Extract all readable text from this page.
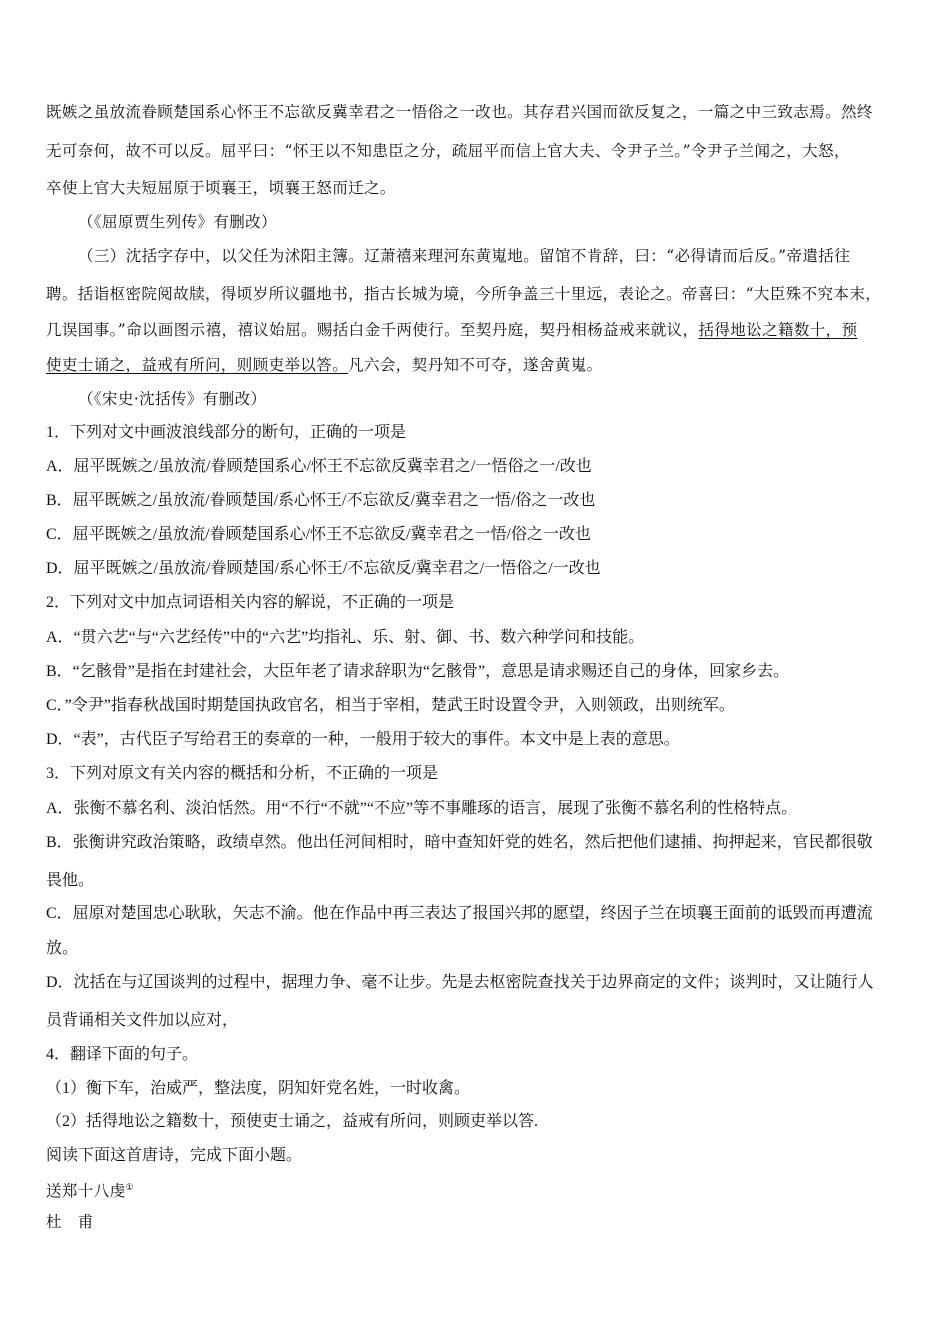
既嫉之虽放流眷顾楚国系心怀王不忘欲反冀幸君之一悟俗之一改也。其存君兴国而欲反复之，一篇之中三致志焉。然终
无可奈何，故不可以反。屈平曰：“怀王以不知患臣之分，疏屈平而信上官大夫、令尹子兰。”令尹子兰闻之，大怒，
卒使上官大夫短屈原于顷襄王，顷襄王怒而迁之。
（《屈原贾生列传》有删改）
（三）沈括字存中，以父任为沭阳主簿。辽萧禧来理河东黄嵬地。留馆不肯辞，曰：“必得请而后反。”帝遣括往
聘。括诣枢密院阅故牍，得顷岁所议疆地书，指古长城为境，今所争盖三十里远，表论之。帝喜曰：“大臣殊不究本末，
几误国事。”命以画图示禧，禧议始屈。赐括白金千两使行。至契丹庭，契丹相杨益戒来就议，括得地讼之籍数十，预
使吏士诵之，益戒有所问，则顾吏举以答。凡六会，契丹知不可夺，遂舍黄嵬。
（《宋史·沈括传》有删改）
1．下列对文中画波浪线部分的断句，正确的一项是
A．屈平既嫉之/虽放流/眷顾楚国系心/怀王不忘欲反冀幸君之/一悟俗之一/改也
B．屈平既嫉之/虽放流/眷顾楚国/系心怀王/不忘欲反/冀幸君之一悟/俗之一改也
C．屈平既嫉之/虽放流/眷顾楚国系心/怀王不忘欲反/冀幸君之一悟/俗之一改也
D．屈平既嫉之/虽放流/眷顾楚国/系心怀王/不忘欲反/冀幸君之/一悟俗之/一改也
2．下列对文中加点词语相关内容的解说，不正确的一项是
A．“贯六艺“与“六艺经传”中的“六艺”均指礼、乐、射、御、书、数六种学问和技能。
B．“乞骸骨”是指在封建社会，大臣年老了请求辞职为“乞骸骨”，意思是请求赐还自己的身体，回家乡去。
C．”令尹”指春秋战国时期楚国执政官名，相当于宰相，楚武王时设置令尹，入则领政，出则统军。
D．“表”，古代臣子写给君王的奏章的一种，一般用于较大的事件。本文中是上表的意思。
3．下列对原文有关内容的概括和分析，不正确的一项是
A．张衡不慕名利、淡泊恬然。用“不行“不就”“不应”等不事雕琢的语言，展现了张衡不慕名利的性格特点。
B．张衡讲究政治策略，政绩卓然。他出任河间相时，暗中查知奸党的姓名，然后把他们逮捕、拘押起来，官民都很敬
畏他。
C．屈原对楚国忠心耿耿，矢志不渝。他在作品中再三表达了报国兴邦的愿望，终因子兰在顷襄王面前的诋毁而再遭流
放。
D．沈括在与辽国谈判的过程中，据理力争、毫不让步。先是去枢密院查找关于边界商定的文件；谈判时，又让随行人
员背诵相关文件加以应对，
4．翻译下面的句子。
（1）衡下车，治威严，整法度，阴知奸党名姓，一时收禽。
（2）括得地讼之籍数十，预使吏士诵之，益戒有所问，则顾吏举以答.
阅读下面这首唐诗，完成下面小题。
送郑十八虔①
杜　甫
